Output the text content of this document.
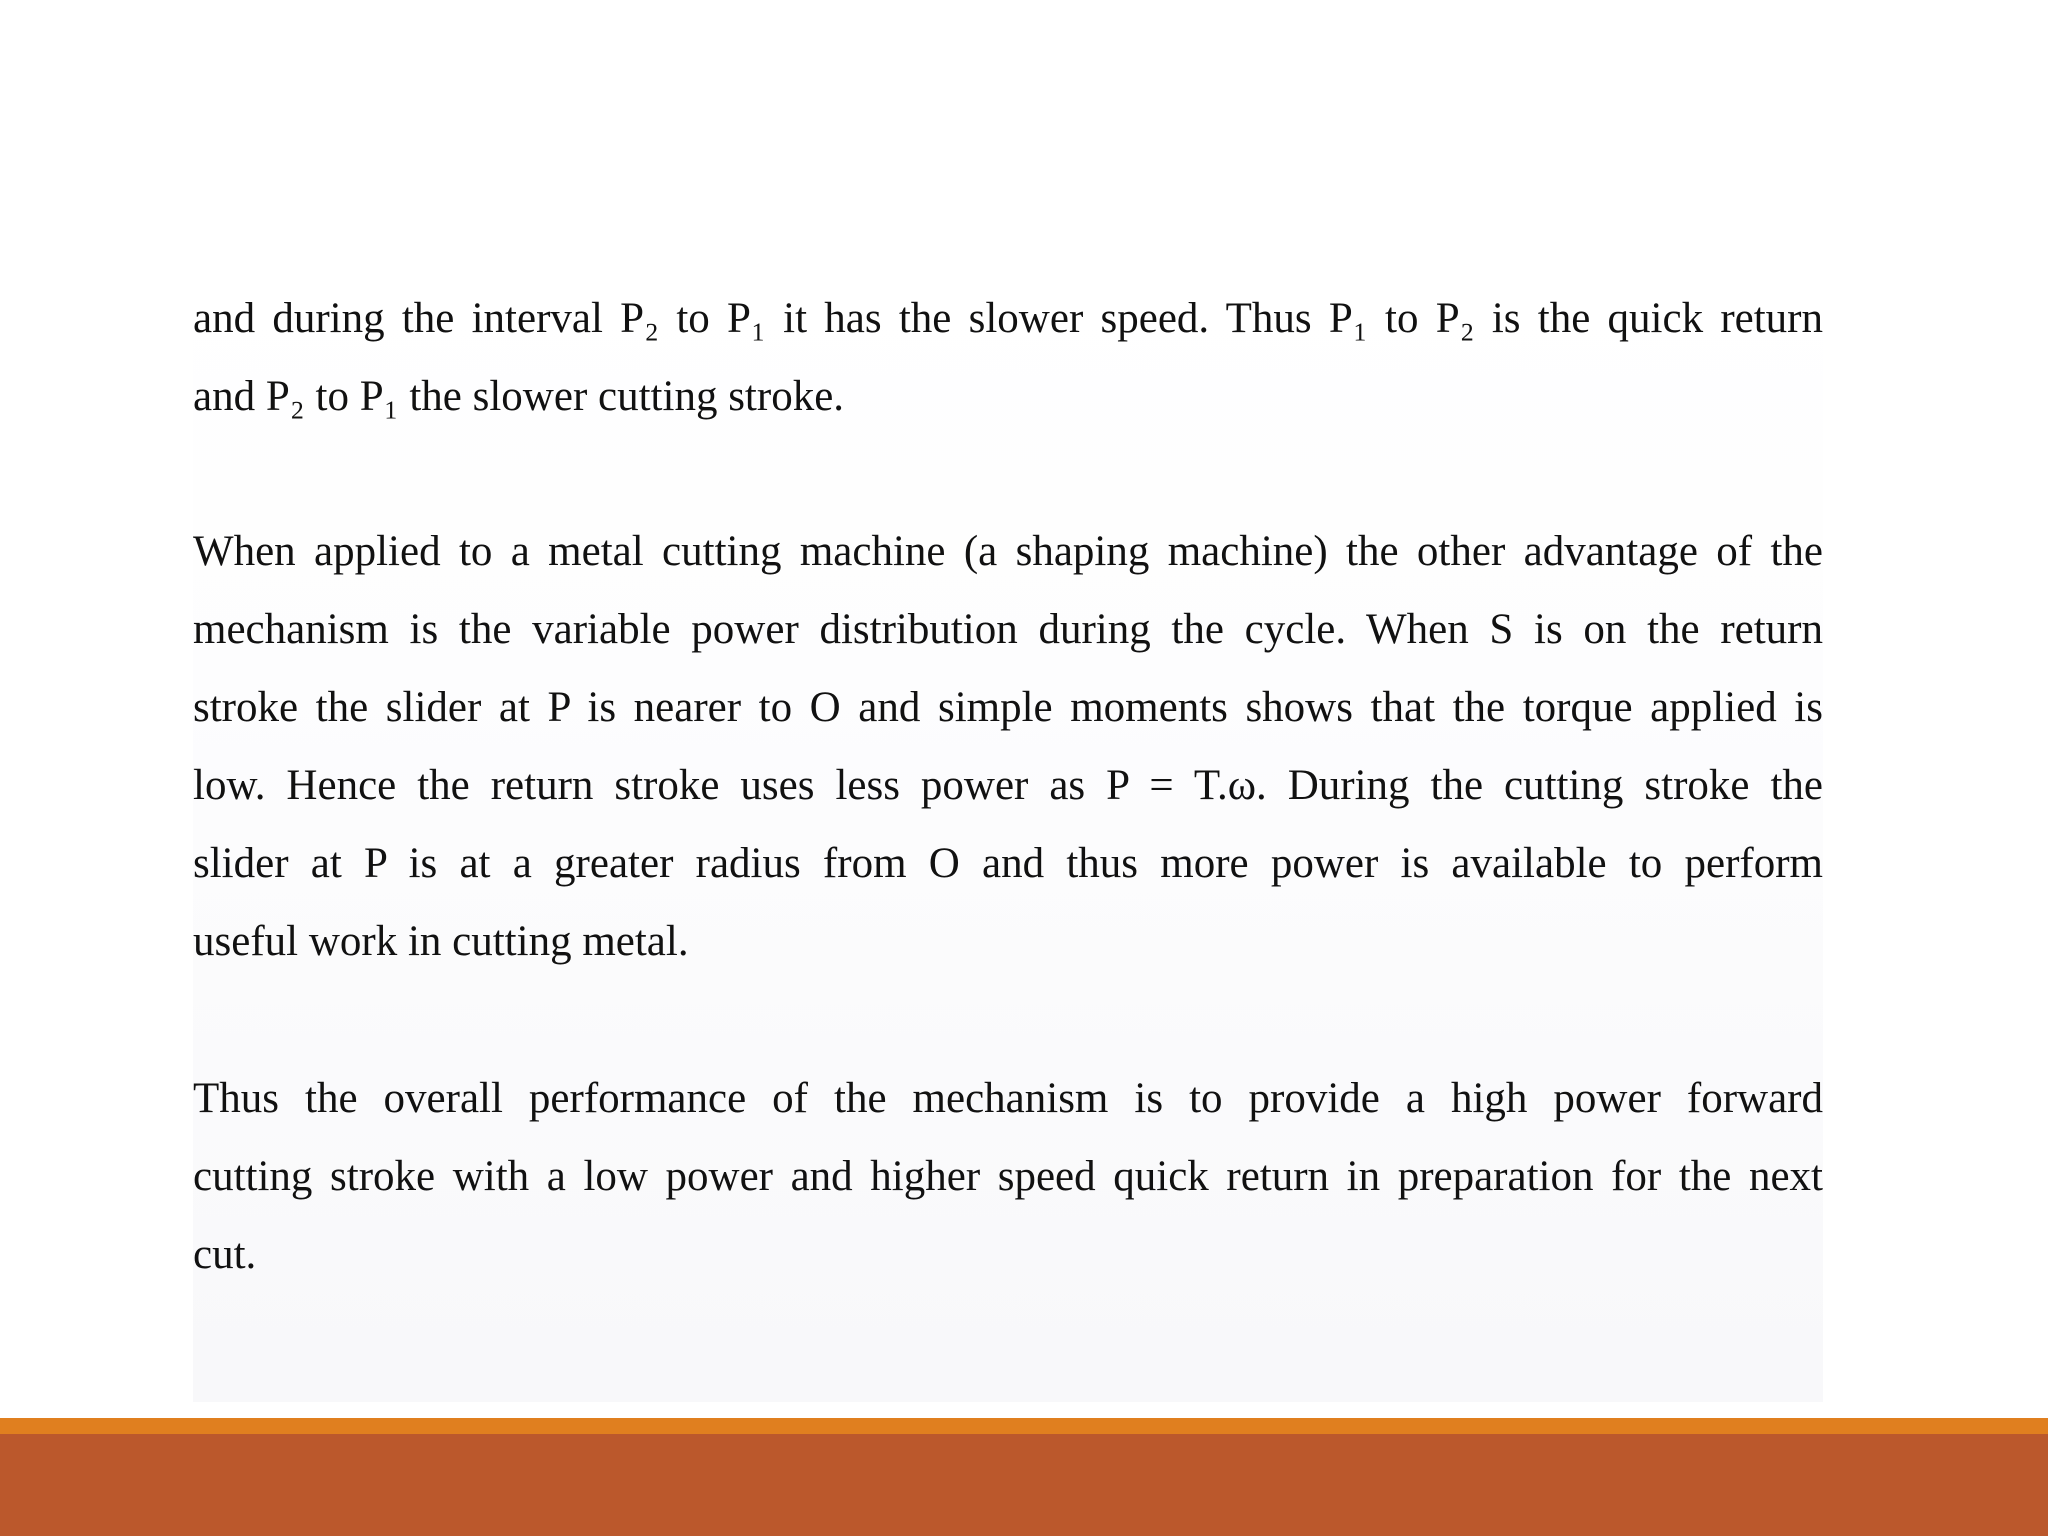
and during the interval P₂ to P₁ it has the slower speed. Thus P₁ to P₂ is the quick return
and P₂ to P₁ the slower cutting stroke.
When applied to a metal cutting machine (a shaping machine) the other advantage of the
mechanism is the variable power distribution during the cycle. When S is on the return
stroke the slider at P is nearer to O and simple moments shows that the torque applied is
low. Hence the return stroke uses less power as P = T.ω. During the cutting stroke the
slider at P is at a greater radius from O and thus more power is available to perform
useful work in cutting metal.
Thus the overall performance of the mechanism is to provide a high power forward
cutting stroke with a low power and higher speed quick return in preparation for the next
cut.
